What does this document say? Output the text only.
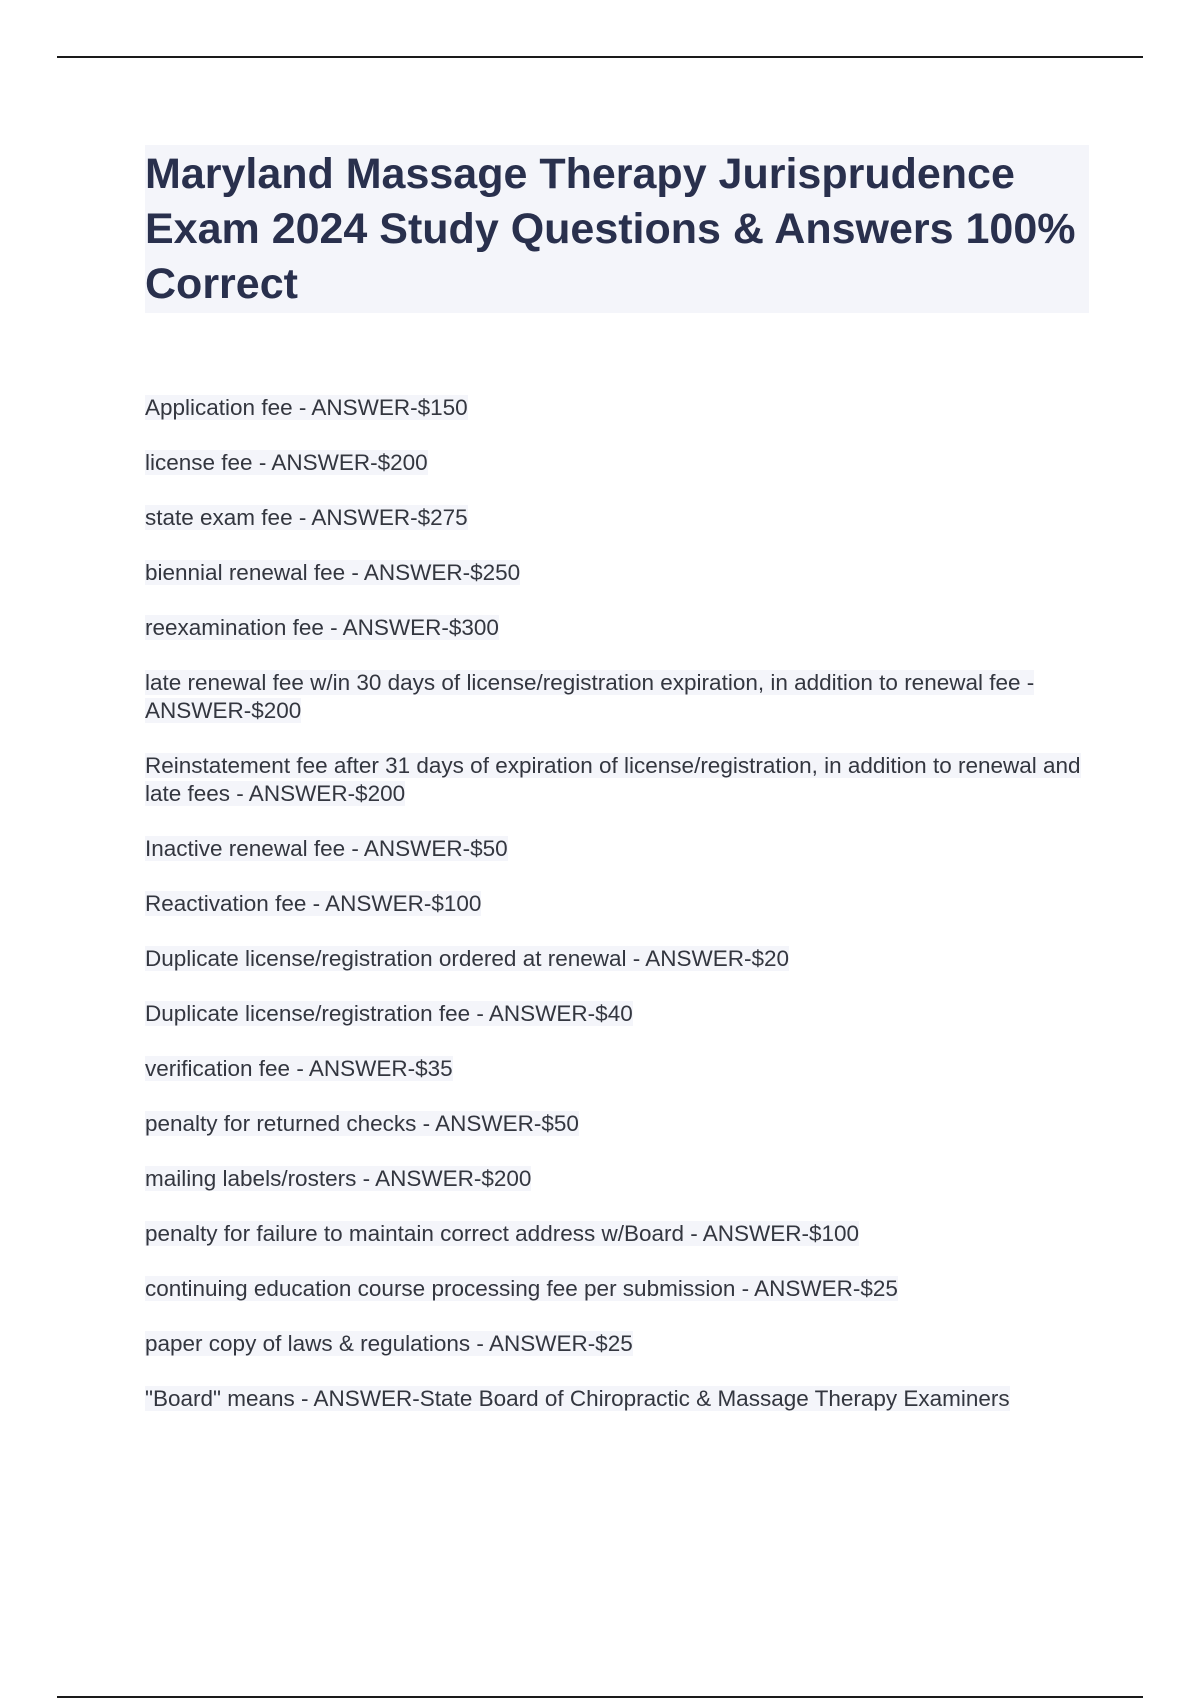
Maryland Massage Therapy Jurisprudence Exam 2024 Study Questions & Answers 100% Correct
Application fee - ANSWER-$150
license fee - ANSWER-$200
state exam fee - ANSWER-$275
biennial renewal fee - ANSWER-$250
reexamination fee - ANSWER-$300
late renewal fee w/in 30 days of license/registration expiration, in addition to renewal fee - ANSWER-$200
Reinstatement fee after 31 days of expiration of license/registration, in addition to renewal and late fees - ANSWER-$200
Inactive renewal fee - ANSWER-$50
Reactivation fee - ANSWER-$100
Duplicate license/registration ordered at renewal - ANSWER-$20
Duplicate license/registration fee - ANSWER-$40
verification fee - ANSWER-$35
penalty for returned checks - ANSWER-$50
mailing labels/rosters - ANSWER-$200
penalty for failure to maintain correct address w/Board - ANSWER-$100
continuing education course processing fee per submission - ANSWER-$25
paper copy of laws & regulations - ANSWER-$25
"Board" means - ANSWER-State Board of Chiropractic & Massage Therapy Examiners
